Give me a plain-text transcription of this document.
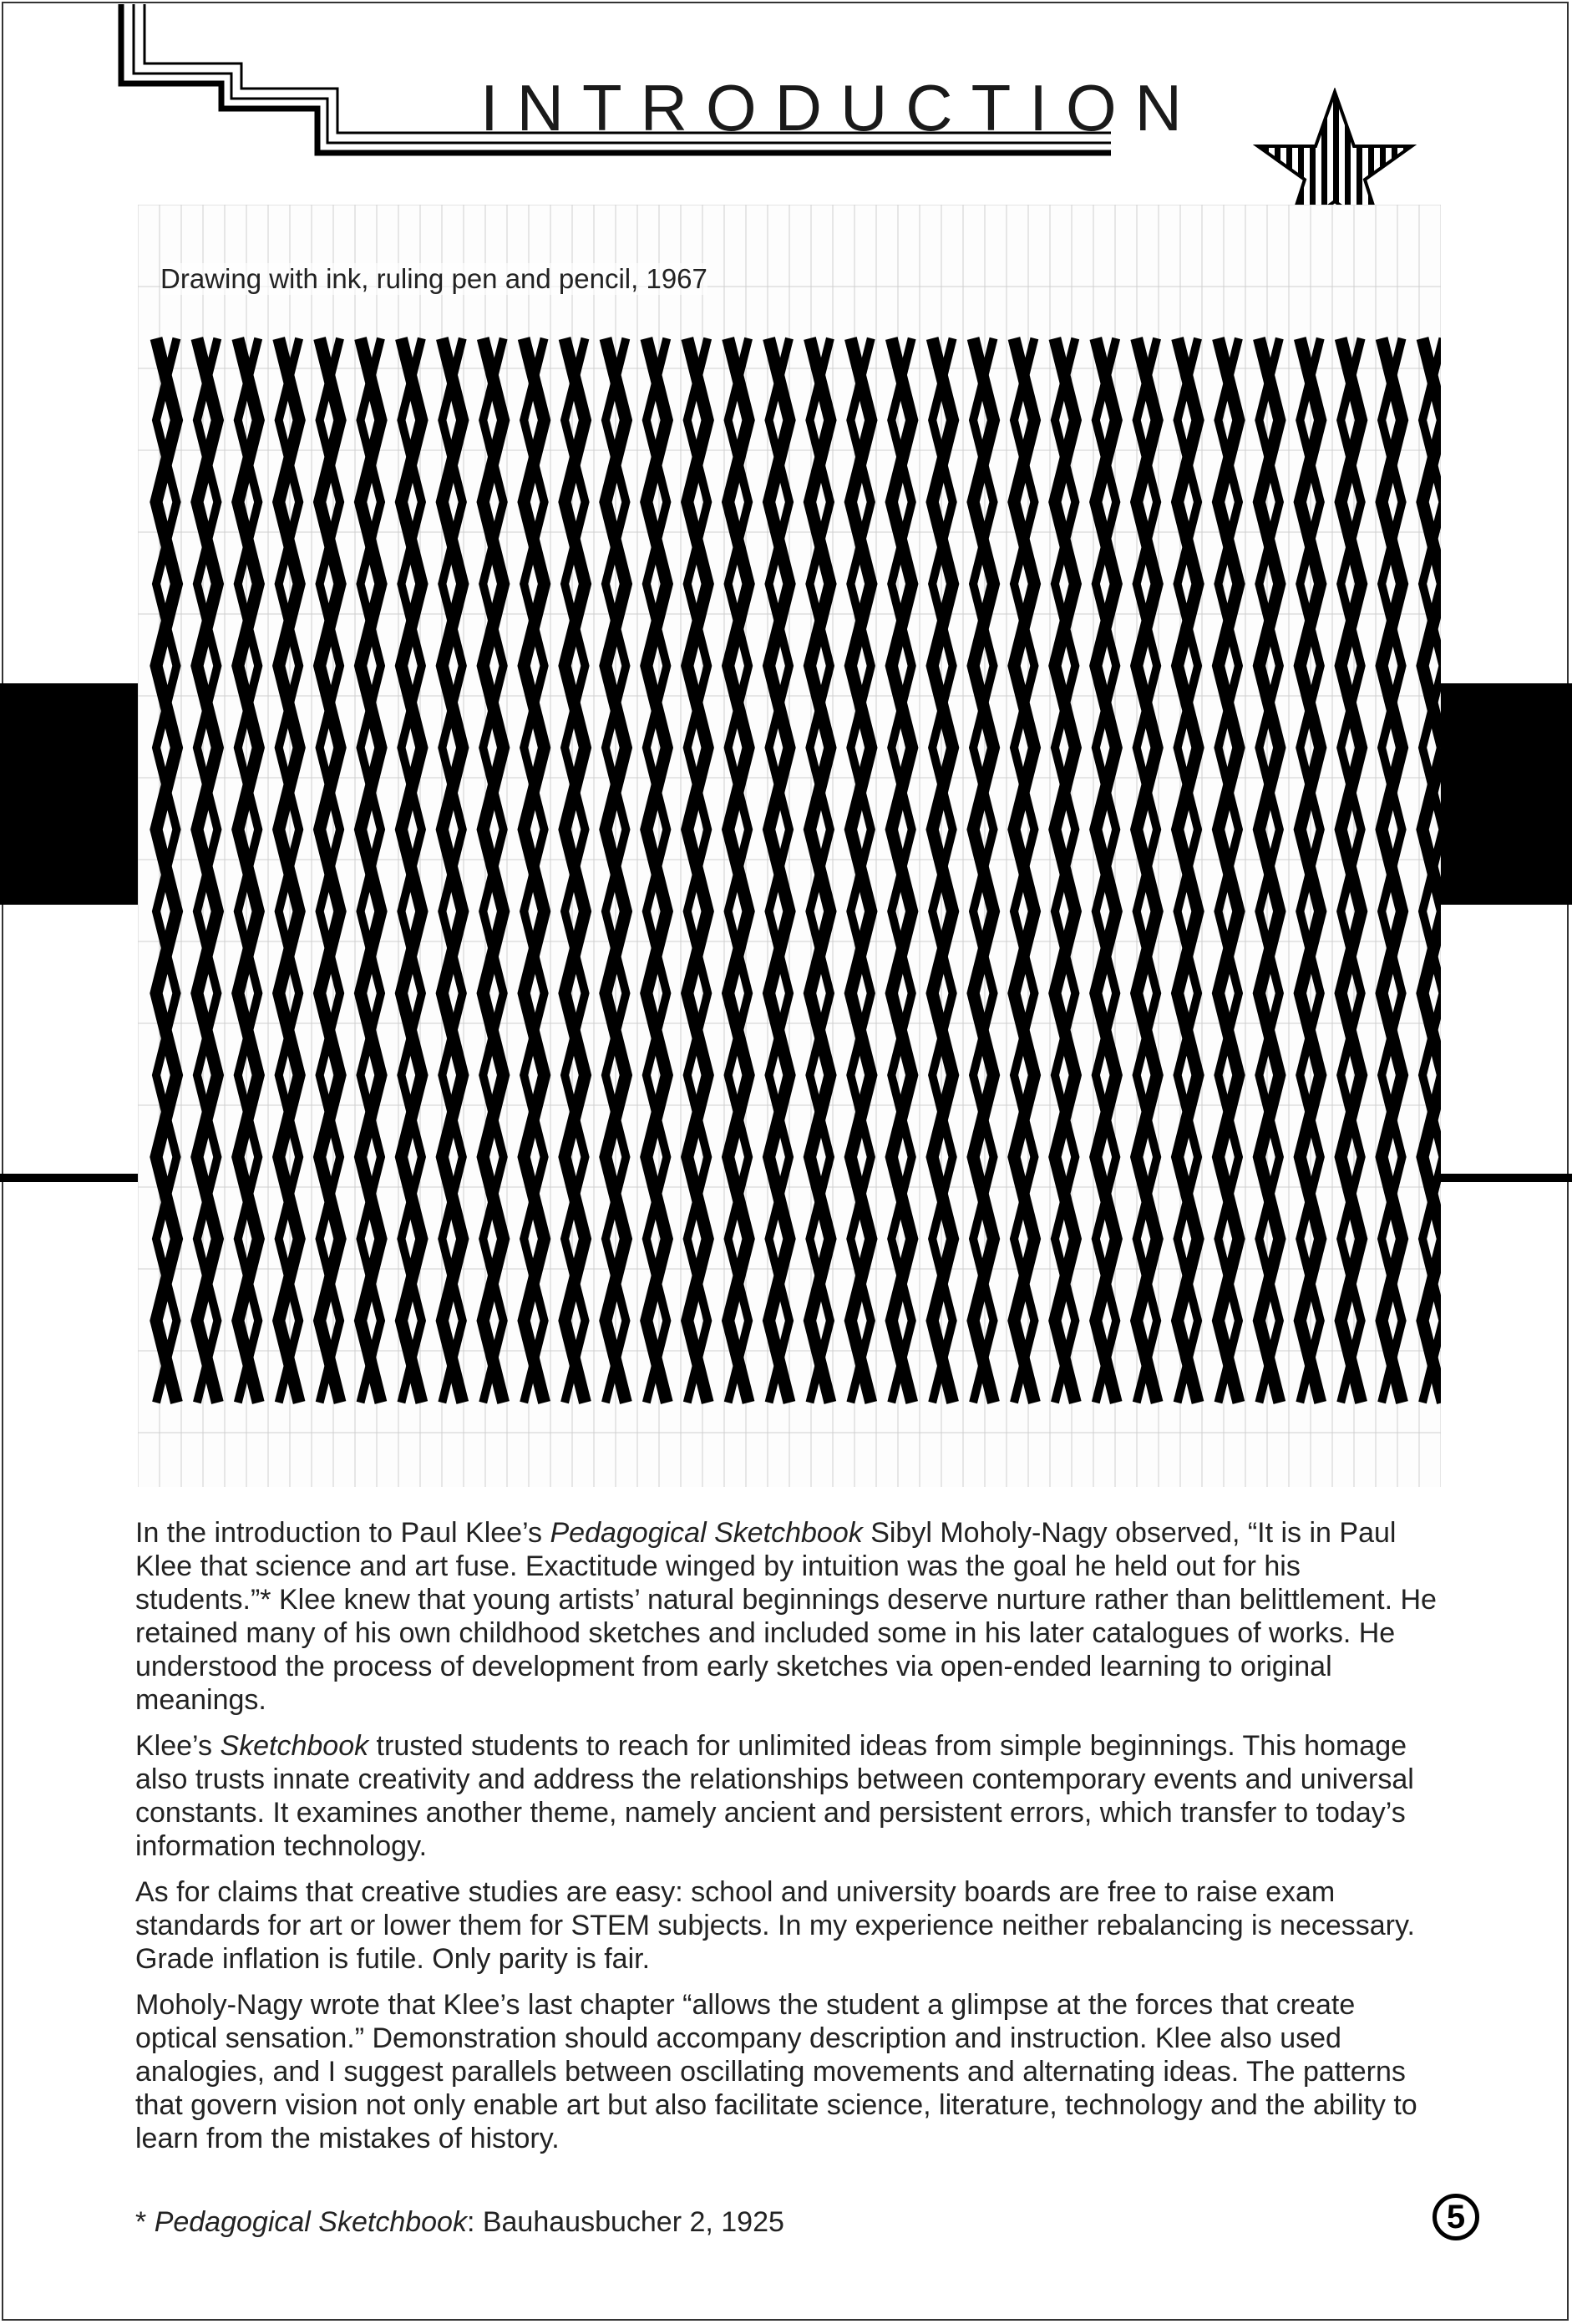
INTRODUCTION
Drawing with ink, ruling pen and pencil, 1967

In the introduction to Paul Klee’s Pedagogical Sketchbook Sibyl Moholy-Nagy observed, “It is in Paul Klee that science and art fuse. Exactitude winged by intuition was the goal he held out for his students.”* Klee knew that young artists’ natural beginnings deserve nurture rather than belittlement. He retained many of his own childhood sketches and included some in his later catalogues of works. He understood the process of development from early sketches via open-ended learning to original meanings.

Klee’s Sketchbook trusted students to reach for unlimited ideas from simple beginnings. This homage also trusts innate creativity and address the relationships between contemporary events and universal constants. It examines another theme, namely ancient and persistent errors, which transfer to today’s information technology.

As for claims that creative studies are easy: school and university boards are free to raise exam standards for art or lower them for STEM subjects. In my experience neither rebalancing is necessary. Grade inflation is futile. Only parity is fair.

Moholy-Nagy wrote that Klee’s last chapter “allows the student a glimpse at the forces that create optical sensation.” Demonstration should accompany description and instruction. Klee also used analogies, and I suggest parallels between oscillating movements and alternating ideas. The patterns that govern vision not only enable art but also facilitate science, literature, technology and the ability to learn from the mistakes of history.

* Pedagogical Sketchbook: Bauhausbucher 2, 1925	5
